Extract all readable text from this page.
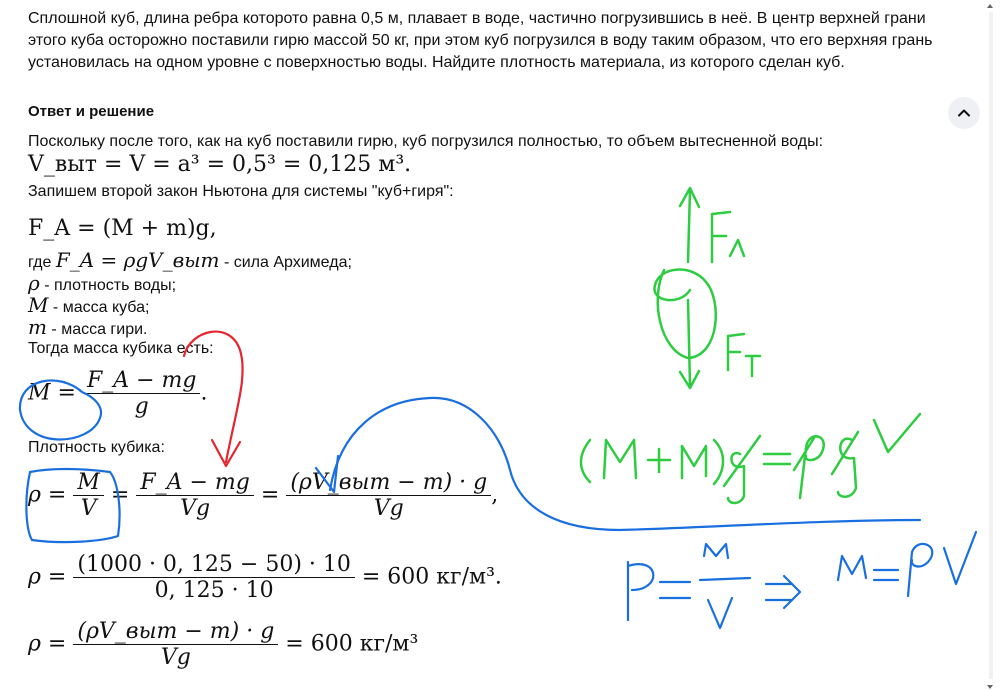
Сплошной куб, длина ребра которото равна 0,5 м, плавает в воде, частично погрузившись в неё. В центр верхней грани этого куба осторожно поставили гирю массой 50 кг, при этом куб погрузился в воду таким образом, что его верхняя грань установилась на одном уровне с поверхностью воды. Найдите плотность материала, из которого сделан куб.
Ответ и решение
Поскольку после того, как на куб поставили гирю, куб погрузился полностью, то объем вытесненной воды:
V_выт = V = a³ = 0,5³ = 0,125 м³.
Запишем второй закон Ньютона для системы "куб+гиря":
F_A = (M + m)g,
где F_A = ρgV_выт - сила Архимеда;
ρ - плотность воды;
M - масса куба;
m - масса гири.
Тогда масса кубика есть:
$M = \frac{F\_A - mg}{g}$ .
Плотность кубика:
$\rho = \frac{M}{V} = \frac{F\_A - mg}{Vg} = \frac{\text{(ρV\_выт − m) · g}}{Vg}$ ,
$\rho = \frac{(1000 \cdot 0, 125 - 50) \cdot 10}{0, 125 \cdot 10} = 600$ кг/м³.
$\rho = \frac{\text{(ρV\_выт − m) · g}}{Vg} = 600$ кг/м³
F
